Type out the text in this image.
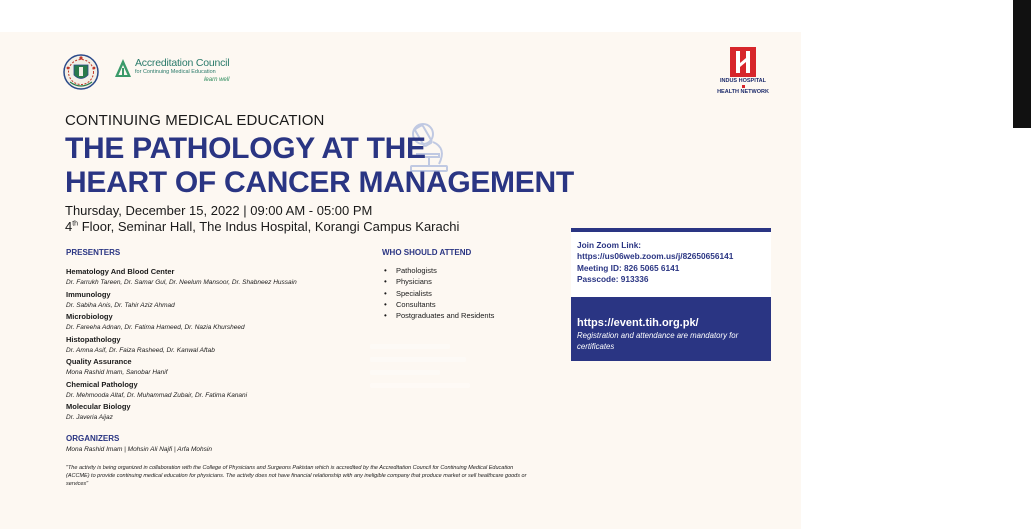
Accreditation Council
for Continuing Medical Education
learn well	INDUS HOSPITAL
HEALTH NETWORK
CONTINUING MEDICAL EDUCATION
THE PATHOLOGY AT THE
HEART OF CANCER MANAGEMENT
Thursday, December 15, 2022 | 09:00 AM - 05:00 PM
4th Floor, Seminar Hall, The Indus Hospital, Korangi Campus Karachi
PRESENTERS
Hematology And Blood Center
Dr. Farrukh Tareen, Dr. Samar Gul, Dr. Neelum Mansoor, Dr. Shabneez Hussain
Immunology
Dr. Sabiha Anis, Dr. Tahir Aziz Ahmad
Microbiology
Dr. Fareeha Adnan, Dr. Fatima Hameed, Dr. Nazia Khursheed
Histopathology
Dr. Amna Asif, Dr. Faiza Rasheed, Dr. Kanwal Aftab
Quality Assurance
Mona Rashid Imam, Sanobar Hanif
Chemical Pathology
Dr. Mehmooda Altaf, Dr. Muhammad Zubair, Dr. Fatima Kanani
Molecular Biology
Dr. Javeria Aijaz
WHO SHOULD ATTEND
• Pathologists
• Physicians
• Specialists
• Consultants
• Postgraduates and Residents
ORGANIZERS
Mona Rashid Imam | Mohsin Ali Najfi | Arfa Mohsin
"The activity is being organized in collaboration with the College of Physicians and Surgeons Pakistan which is accredited by the Accreditation Council for Continuing Medical Education (ACCME) to provide continuing medical education for physicians. The activity does not have financial relationship with any ineligible company that produce market or sell healthcare goods or services"
Join Zoom Link:
https://us06web.zoom.us/j/82650656141
Meeting ID: 826 5065 6141
Passcode: 913336
https://event.tih.org.pk/
Registration and attendance are mandatory for certificates
